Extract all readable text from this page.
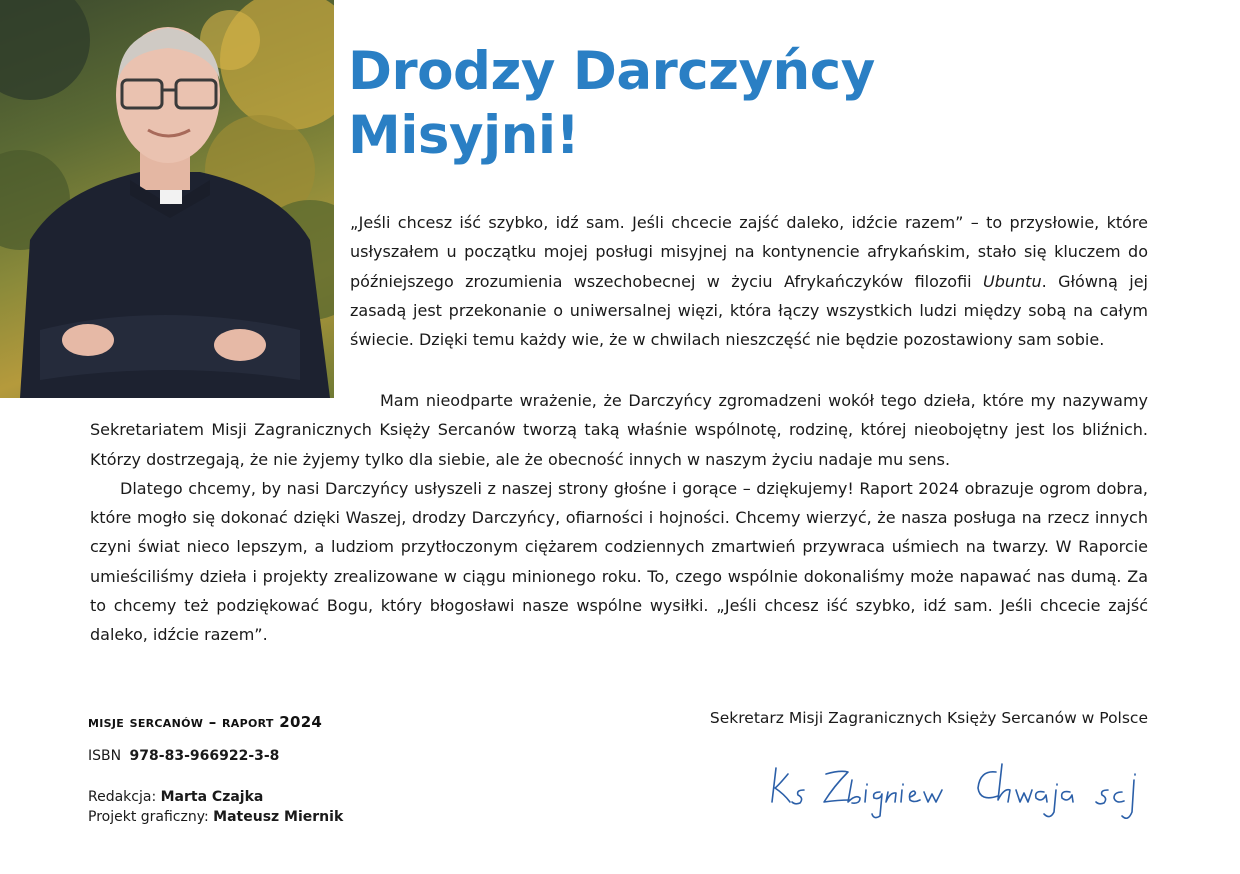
Drodzy Darczyńcy
Misyjni!

„Jeśli chcesz iść szybko, idź sam. Jeśli chcecie zajść daleko, idźcie razem” – to przysłowie, które usłyszałem u początku mojej posługi misyjnej na kontynencie afrykańskim, stało się kluczem do późniejszego zrozumienia wszechobecnej w życiu Afrykańczyków filozofii Ubuntu. Główną jej zasadą jest przekonanie o uniwersalnej więzi, która łączy wszystkich ludzi między sobą na całym świecie. Dzięki temu każdy wie, że w chwilach nieszczęść nie będzie pozostawiony sam sobie.

Mam nieodparte wrażenie, że Darczyńcy zgromadzeni wokół tego dzieła, które my nazywamy Sekretariatem Misji Zagranicznych Księży Sercanów tworzą taką właśnie wspólnotę, rodzinę, której nieobojętny jest los bliźnich. Którzy dostrzegają, że nie żyjemy tylko dla siebie, ale że obecność innych w naszym życiu nadaje mu sens.

Dlatego chcemy, by nasi Darczyńcy usłyszeli z naszej strony głośne i gorące – dziękujemy! Raport 2024 obrazuje ogrom dobra, które mogło się dokonać dzięki Waszej, drodzy Darczyńcy, ofiarności i hojności. Chcemy wierzyć, że nasza posługa na rzecz innych czyni świat nieco lepszym, a ludziom przytłoczonym ciężarem codziennych zmartwień przywraca uśmiech na twarzy. W Raporcie umieściliśmy dzieła i projekty zrealizowane w ciągu minionego roku. To, czego wspólnie dokonaliśmy może napawać nas dumą. Za to chcemy też podziękować Bogu, który błogosławi nasze wspólne wysiłki. „Jeśli chcesz iść szybko, idź sam. Jeśli chcecie zajść daleko, idźcie razem”.

misje sercanów – raport 2024

ISBN 978-83-966922-3-8

Redakcja: Marta Czajka
Projekt graficzny: Mateusz Miernik

Sekretarz Misji Zagranicznych Księży Sercanów w Polsce

Ks Zbigniew Chwaja scj
